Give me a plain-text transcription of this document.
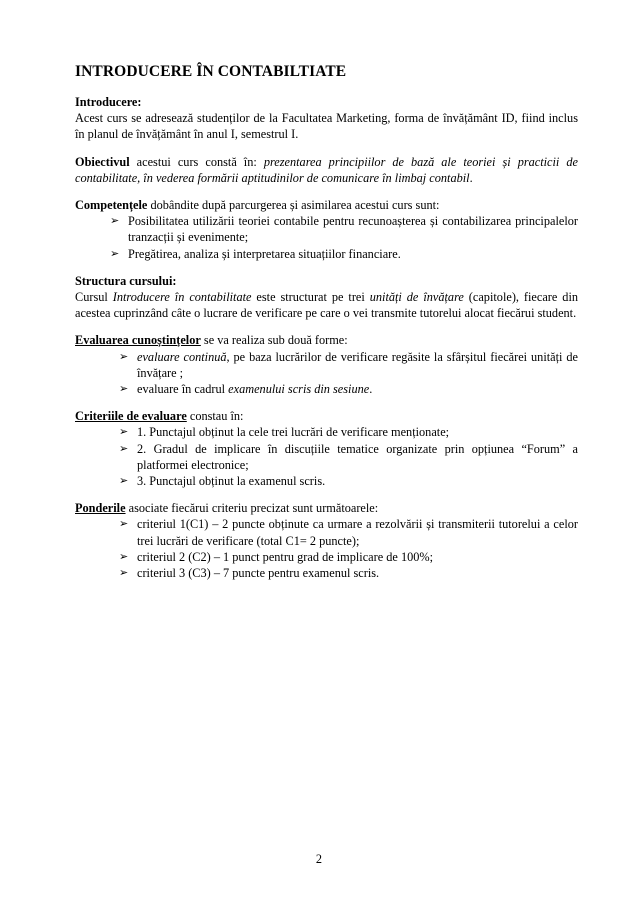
INTRODUCERE ÎN CONTABILTIATE

Introducere:

Acest curs se adresează studenților de la Facultatea Marketing, forma de învățământ ID, fiind inclus în planul de învățământ în anul I, semestrul I.

Obiectivul acestui curs constă în: prezentarea principiilor de bază ale teoriei și practicii de contabilitate, în vederea formării aptitudinilor de comunicare în limbaj contabil.

Competențele dobândite după parcurgerea și asimilarea acestui curs sunt:

➢ Posibilitatea utilizării teoriei contabile pentru recunoașterea și contabilizarea principalelor tranzacții și evenimente;
➢ Pregătirea, analiza și interpretarea situațiilor financiare.

Structura cursului:

Cursul Introducere în contabilitate este structurat pe trei unități de învățare (capitole), fiecare din acestea cuprinzând câte o lucrare de verificare pe care o vei transmite tutorelui alocat fiecărui student.

Evaluarea cunoștințelor se va realiza sub două forme:

➢ evaluare continuă, pe baza lucrărilor de verificare regăsite la sfârșitul fiecărei unități de învățare ;
➢ evaluare în cadrul examenului scris din sesiune.

Criteriile de evaluare constau în:

➢ 1. Punctajul obținut la cele trei lucrări de verificare menționate;
➢ 2. Gradul de implicare în discuțiile tematice organizate prin opțiunea “Forum” a platformei electronice;
➢ 3. Punctajul obținut la examenul scris.

Ponderile asociate fiecărui criteriu precizat sunt următoarele:

➢ criteriul 1(C1) – 2 puncte obținute ca urmare a rezolvării și transmiterii tutorelui a celor trei lucrări de verificare (total C1= 2 puncte);
➢ criteriul 2 (C2) – 1 punct pentru grad de implicare de 100%;
➢ criteriul 3 (C3) – 7 puncte pentru examenul scris.
2
